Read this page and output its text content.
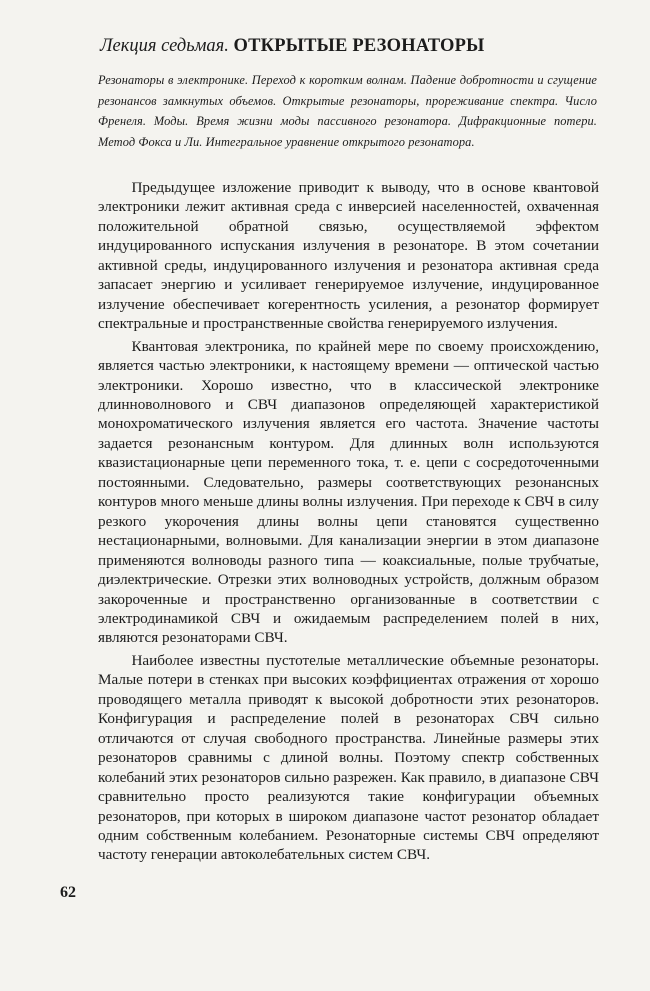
Лекция седьмая. ОТКРЫТЫЕ РЕЗОНАТОРЫ
Резонаторы в электронике. Переход к коротким волнам. Падение добротности и сгущение резонансов замкнутых объемов. Открытые резонаторы, прореживание спектра. Число Френеля. Моды. Время жизни моды пассивного резонатора. Дифракционные потери. Метод Фокса и Ли. Интегральное уравнение открытого резонатора.

Предыдущее изложение приводит к выводу, что в основе квантовой электроники лежит активная среда с инверсией населенностей, охваченная положительной обратной связью, осуществляемой эффектом индуцированного испускания излучения в резонаторе. В этом сочетании активной среды, индуцированного излучения и резонатора активная среда запасает энергию и усиливает генерируемое излучение, индуцированное излучение обеспечивает когерентность усиления, а резонатор формирует спектральные и пространственные свойства генерируемого излучения.

Квантовая электроника, по крайней мере по своему происхождению, является частью электроники, к настоящему времени — оптической частью электроники. Хорошо известно, что в классической электронике длинноволнового и СВЧ диапазонов определяющей характеристикой монохроматического излучения является его частота. Значение частоты задается резонансным контуром. Для длинных волн используются квазистационарные цепи переменного тока, т. е. цепи с сосредоточенными постоянными. Следовательно, размеры соответствующих резонансных контуров много меньше длины волны излучения. При переходе к СВЧ в силу резкого укорочения длины волны цепи становятся существенно нестационарными, волновыми. Для канализации энергии в этом диапазоне применяются волноводы разного типа — коаксиальные, полые трубчатые, диэлектрические. Отрезки этих волноводных устройств, должным образом закороченные и пространственно организованные в соответствии с электродинамикой СВЧ и ожидаемым распределением полей в них, являются резонаторами СВЧ.

Наиболее известны пустотелые металлические объемные резонаторы. Малые потери в стенках при высоких коэффициентах отражения от хорошо проводящего металла приводят к высокой добротности этих резонаторов. Конфигурация и распределение полей в резонаторах СВЧ сильно отличаются от случая свободного пространства. Линейные размеры этих резонаторов сравнимы с длиной волны. Поэтому спектр собственных колебаний этих резонаторов сильно разрежен. Как правило, в диапазоне СВЧ сравнительно просто реализуются такие конфигурации объемных резонаторов, при которых в широком диапазоне частот резонатор обладает одним собственным колебанием. Резонаторные системы СВЧ определяют частоту генерации автоколебательных систем СВЧ.

62
